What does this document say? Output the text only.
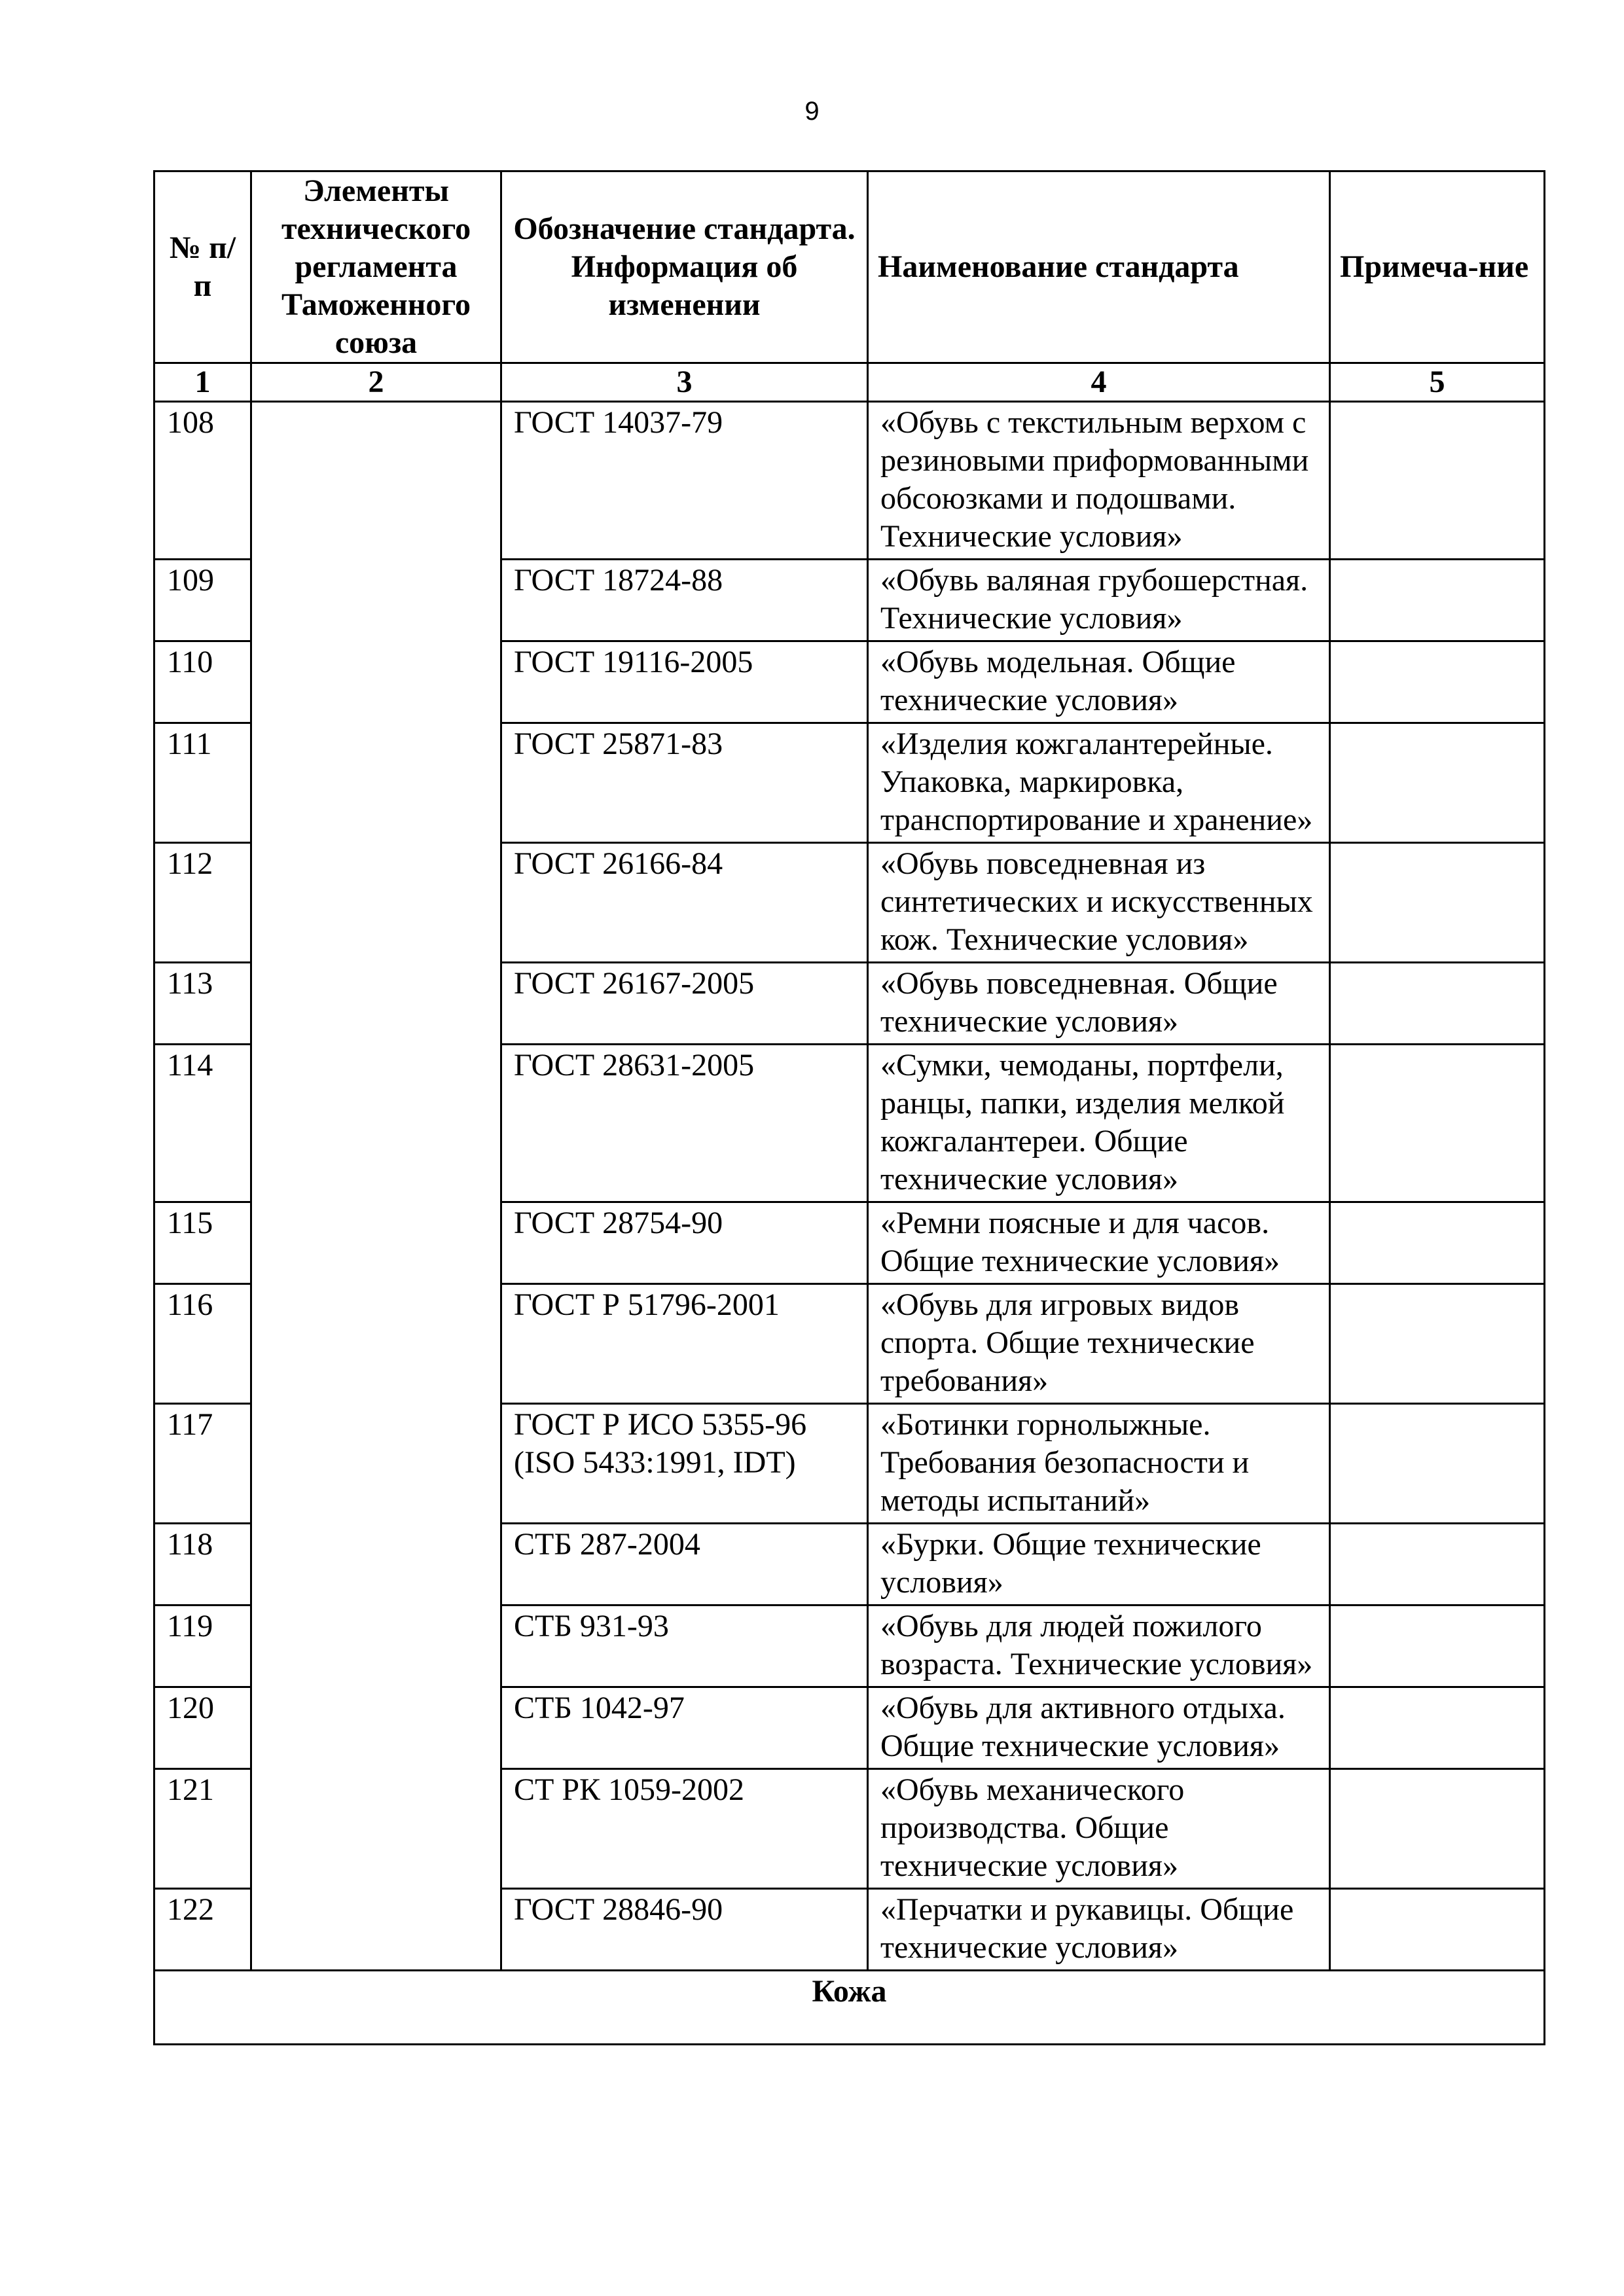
9
№ п/п	Элементы технического регламента Таможенного союза	Обозначение стандарта. Информация об изменении	Наименование стандарта	Примеча-ние
1	2	3	4	5
108		ГОСТ 14037-79	«Обувь с текстильным верхом с резиновыми приформованными обсоюзками и подошвами. Технические условия»	
109		ГОСТ 18724-88	«Обувь валяная грубошерстная. Технические условия»	
110		ГОСТ 19116-2005	«Обувь модельная. Общие технические условия»	
111		ГОСТ 25871-83	«Изделия кожгалантерейные. Упаковка, маркировка, транспортирование и хранение»	
112		ГОСТ 26166-84	«Обувь повседневная из синтетических и искусственных кож. Технические условия»	
113		ГОСТ 26167-2005	«Обувь повседневная. Общие технические условия»	
114		ГОСТ 28631-2005	«Сумки, чемоданы, портфели, ранцы, папки, изделия мелкой кожгалантереи. Общие технические условия»	
115		ГОСТ 28754-90	«Ремни поясные и для часов. Общие технические условия»	
116		ГОСТ Р 51796-2001	«Обувь для игровых видов спорта. Общие технические требования»	
117		ГОСТ Р ИСО 5355-96 (ISO 5433:1991, IDT)	«Ботинки горнолыжные. Требования безопасности и методы испытаний»	
118		СТБ 287-2004	«Бурки. Общие технические условия»	
119		СТБ 931-93	«Обувь для людей пожилого возраста. Технические условия»	
120		СТБ 1042-97	«Обувь для активного отдыха. Общие технические условия»	
121		СТ РК 1059-2002	«Обувь механического производства. Общие технические условия»	
122		ГОСТ 28846-90	«Перчатки и рукавицы. Общие технические условия»	
Кожа				
